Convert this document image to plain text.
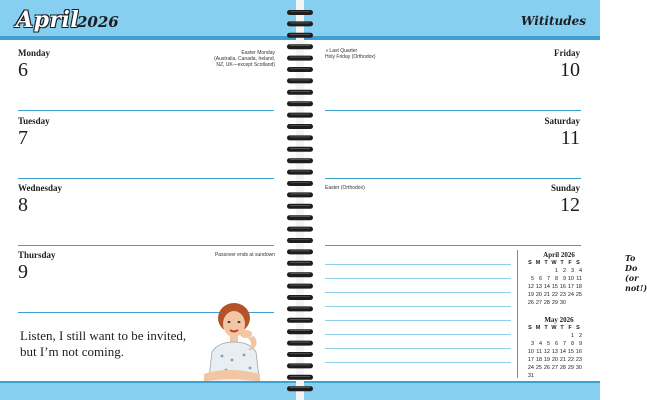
April
2026
Monday
6
Easter Monday
(Australia, Canada, Ireland,
NZ, UK—except Scotland)
Tuesday
7
Wednesday
8
Thursday
9
Passover ends at sundown
Listen, I still want to be invited,
but I’m not coming.
Wititudes
◑ Last Quarter
Holy Friday (Orthodox)	Friday
10
Saturday
11
Easter (Orthodox)	Sunday
12
To Do (or not!)
April 2026
S M T W T F S
1 2 3 4
5 6 7 8 9 10 11
12 13 14 15 16 17 18
19 20 21 22 23 24 25
26 27 28 29 30
May 2026
S M T W T F S
1 2
3 4 5 6 7 8 9
10 11 12 13 14 15 16
17 18 19 20 21 22 23
24 25 26 27 28 29 30
31
